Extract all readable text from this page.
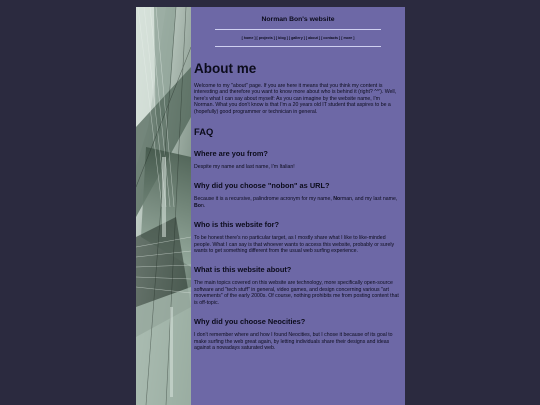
Norman Bon's website
[ home ] [ projects ] [ blog ] [ gallery ] [ about ] [ contacts ] [ more ]
About me

Welcome to my "about" page. If you are here it means that you think my content is interesting and therefore you want to know more about who is behind it (right? ^^'). Well, here's what I can say about myself: As you can imagine by the website name, I'm Norman. What you don't know is that I'm a 20 years old IT student that aspires to be a (hopefully) good programmer or technician in general.

FAQ
Where are you from?

Despite my name and last name, I'm Italian!

Why did you choose "nobon" as URL?

Because it is a recursive, palindrome acronym for my name, Norman, and my last name, Bon.

Who is this website for?

To be honest there's no particular target, as I mostly share what I like to like-minded people. What I can say is that whoever wants to access this website, probably or surely wants to get something different from the usual web surfing experience.

What is this website about?

The main topics covered on this website are technology, more specifically open-source software and "tech stuff" in general, video games, and design concerning various "art movements" of the early 2000s. Of course, nothing prohibits me from posting content that is off-topic.

Why did you choose Neocities?

I don't remember where and how I found Neocities, but I chose it because of its goal to make surfing the web great again, by letting individuals share their designs and ideas against a nowadays saturated web.
